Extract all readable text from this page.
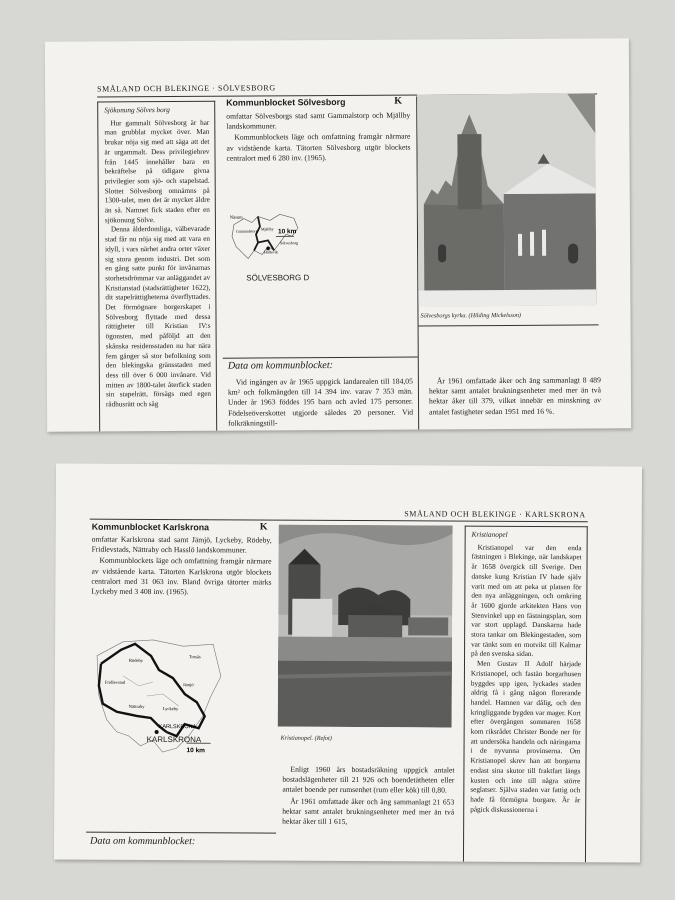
SMÅLAND OCH BLEKINGE · SÖLVESBORG
Sjökonung Sölves borg

Hur gammalt Sölvesborg är har man grubblat mycket över. Man brukar nöja sig med att säga att det är urgammalt. Dess privilegiebrev från 1445 innehåller bara en bekräftelse på tidigare givna privilegier som sjö- och stapelstad. Slottet Sölvesborg omnämns på 1300-talet, men det är mycket äldre än så. Namnet fick staden efter en sjökonung Sölve.

Denna ålderdomliga, välbevarade stad får nu nöja sig med att vara en idyll, i vars närhet andra orter växer sig stora genom industri. Det som en gång satte punkt för invånarnas storhetsdrömmar var anläggandet av Kristianstad (stadsrättigheter 1622), dit stapelrättigheterna överflyttades. Det förmögnare borgerskapet i Sölvesborg flyttade med dessa rättigheter till Kristian IV:s ögonsten, med påföljd att den skånska residensstaden nu har nära fem gånger så stor befolkning som den blekingska gränsstaden med dess till över 6 000 invånare. Vid mitten av 1800-talet återfick staden sin stapelrätt, försägs med egen rådhusrätt och såg

Kommunblocket Sölvesborg	K

omfattar Sölvesborgs stad samt Gammalstorp och Mjällby landskommuner.

Kommunblockets läge och omfattning framgår närmare av vidstående karta. Tätorten Sölvesborg utgör blockets centralort med 6 280 inv. (1965).

Näsum
Gammalstorp Mjällby
Hällevik
Sölvesborg
10 km
SÖLVESBORG D
Data om kommunblocket:

Vid ingången av år 1965 uppgick landarealen till 184,05 km² och folkmängden till 14 394 inv. varav 7 353 män. Under år 1963 föddes 195 barn och avled 175 personer. Födelseöverskottet utgjorde således 20 personer. Vid folkräkningstill-

Sölvesborgs kyrka. (Hilding Mickelsson)

År 1961 omfattade åker och äng sammanlagt 8 489 hektar samt antalet brukningsenheter med mer än två hektar åker till 379, vilket innebär en minskning av antalet fastigheter sedan 1951 med 16 %.

SMÅLAND OCH BLEKINGE · KARLSKRONA
Kommunblocket Karlskrona	K

omfattar Karlskrona stad samt Jämjö, Lyckeby, Rödeby, Fridlevstads, Nättraby och Hasslö landskommuner.

Kommunblockets läge och omfattning framgår närmare av vidstående karta. Tätorten Karlskrona utgör blockets centralort med 31 063 inv. Bland övriga tätorter märks Lyckeby med 3 408 inv. (1965).

Rödeby
Fridlevstad	Jämjö
Lyckeby
Nättraby
Torsås
KARLSKRONA
10 km
KARLSKRONA
Data om kommunblocket:
Kristianopel. (Refot)

Enligt 1960 års bostadsräkning uppgick antalet bostadslägenheter till 21 926 och boendetätheten eller antalet boende per rumsenhet (rum eller kök) till 0,80.

År 1961 omfattade åker och äng sammanlagt 21 653 hektar samt antalet brukningsenheter med mer än två hektar åker till 1 615,

Kristianopel

Kristianopel var den enda fästningen i Blekinge, när landskapet år 1658 övergick till Sverige. Den danske kung Kristian IV hade själv varit med om att peka ut platsen för den nya anläggningen, och omkring år 1600 gjorde arkitekten Hans von Stenvinkel upp en fästningsplan, som var stort upplagd. Danskarna hade stora tankar om Blekingestaden, som var tänkt som en motvikt till Kalmar på den svenska sidan.

Men Gustav II Adolf härjade Kristianopel, och fastän borgarhusen byggdes upp igen, lyckades staden aldrig få i gång någon florerande handel. Hamnen var dålig, och den kringliggande bygden var mager. Kort efter övergången sommaren 1658 kom riksrådet Christer Bonde ner för att undersöka handeln och näringarna i de nyvunna provinserna. Om Kristianopel skrev han att borgarna endast sina skutor till fraktfart längs kusten och inte till några större seglatser. Själva staden var fattig och hade få förmögna borgare. Är år pågick diskussionerna i
